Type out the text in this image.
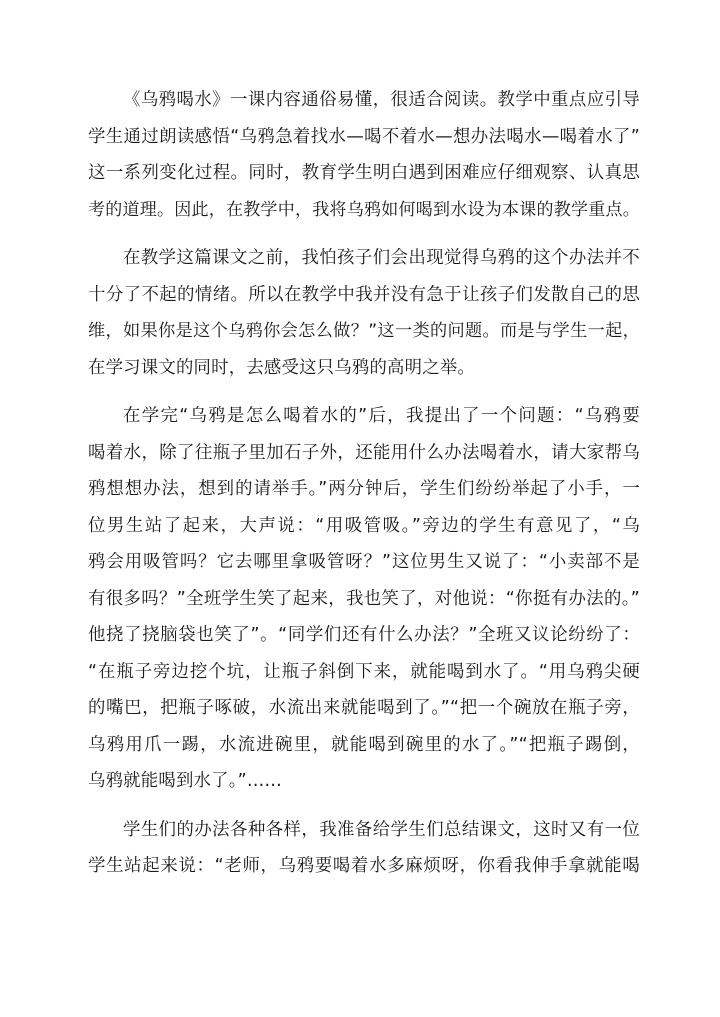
《乌鸦喝水》一课内容通俗易懂，很适合阅读。教学中重点应引导
学生通过朗读感悟“乌鸦急着找水—喝不着水—想办法喝水—喝着水了”
这一系列变化过程。同时，教育学生明白遇到困难应仔细观察、认真思
考的道理。因此，在教学中，我将乌鸦如何喝到水设为本课的教学重点。
在教学这篇课文之前，我怕孩子们会出现觉得乌鸦的这个办法并不
十分了不起的情绪。所以在教学中我并没有急于让孩子们发散自己的思
维，如果你是这个乌鸦你会怎么做？”这一类的问题。而是与学生一起，
在学习课文的同时，去感受这只乌鸦的高明之举。
在学完“乌鸦是怎么喝着水的”后，我提出了一个问题：“乌鸦要
喝着水，除了往瓶子里加石子外，还能用什么办法喝着水，请大家帮乌
鸦想想办法，想到的请举手。”两分钟后，学生们纷纷举起了小手，一
位男生站了起来，大声说：“用吸管吸。”旁边的学生有意见了，“乌
鸦会用吸管吗？它去哪里拿吸管呀？”这位男生又说了：“小卖部不是
有很多吗？”全班学生笑了起来，我也笑了，对他说：“你挺有办法的。”
他挠了挠脑袋也笑了”。“同学们还有什么办法？”全班又议论纷纷了：
“在瓶子旁边挖个坑，让瓶子斜倒下来，就能喝到水了。“用乌鸦尖硬
的嘴巴，把瓶子啄破，水流出来就能喝到了。”“把一个碗放在瓶子旁，
乌鸦用爪一踢，水流进碗里，就能喝到碗里的水了。”“把瓶子踢倒，
乌鸦就能喝到水了。”……
学生们的办法各种各样，我准备给学生们总结课文，这时又有一位
学生站起来说：“老师，乌鸦要喝着水多麻烦呀，你看我伸手拿就能喝
